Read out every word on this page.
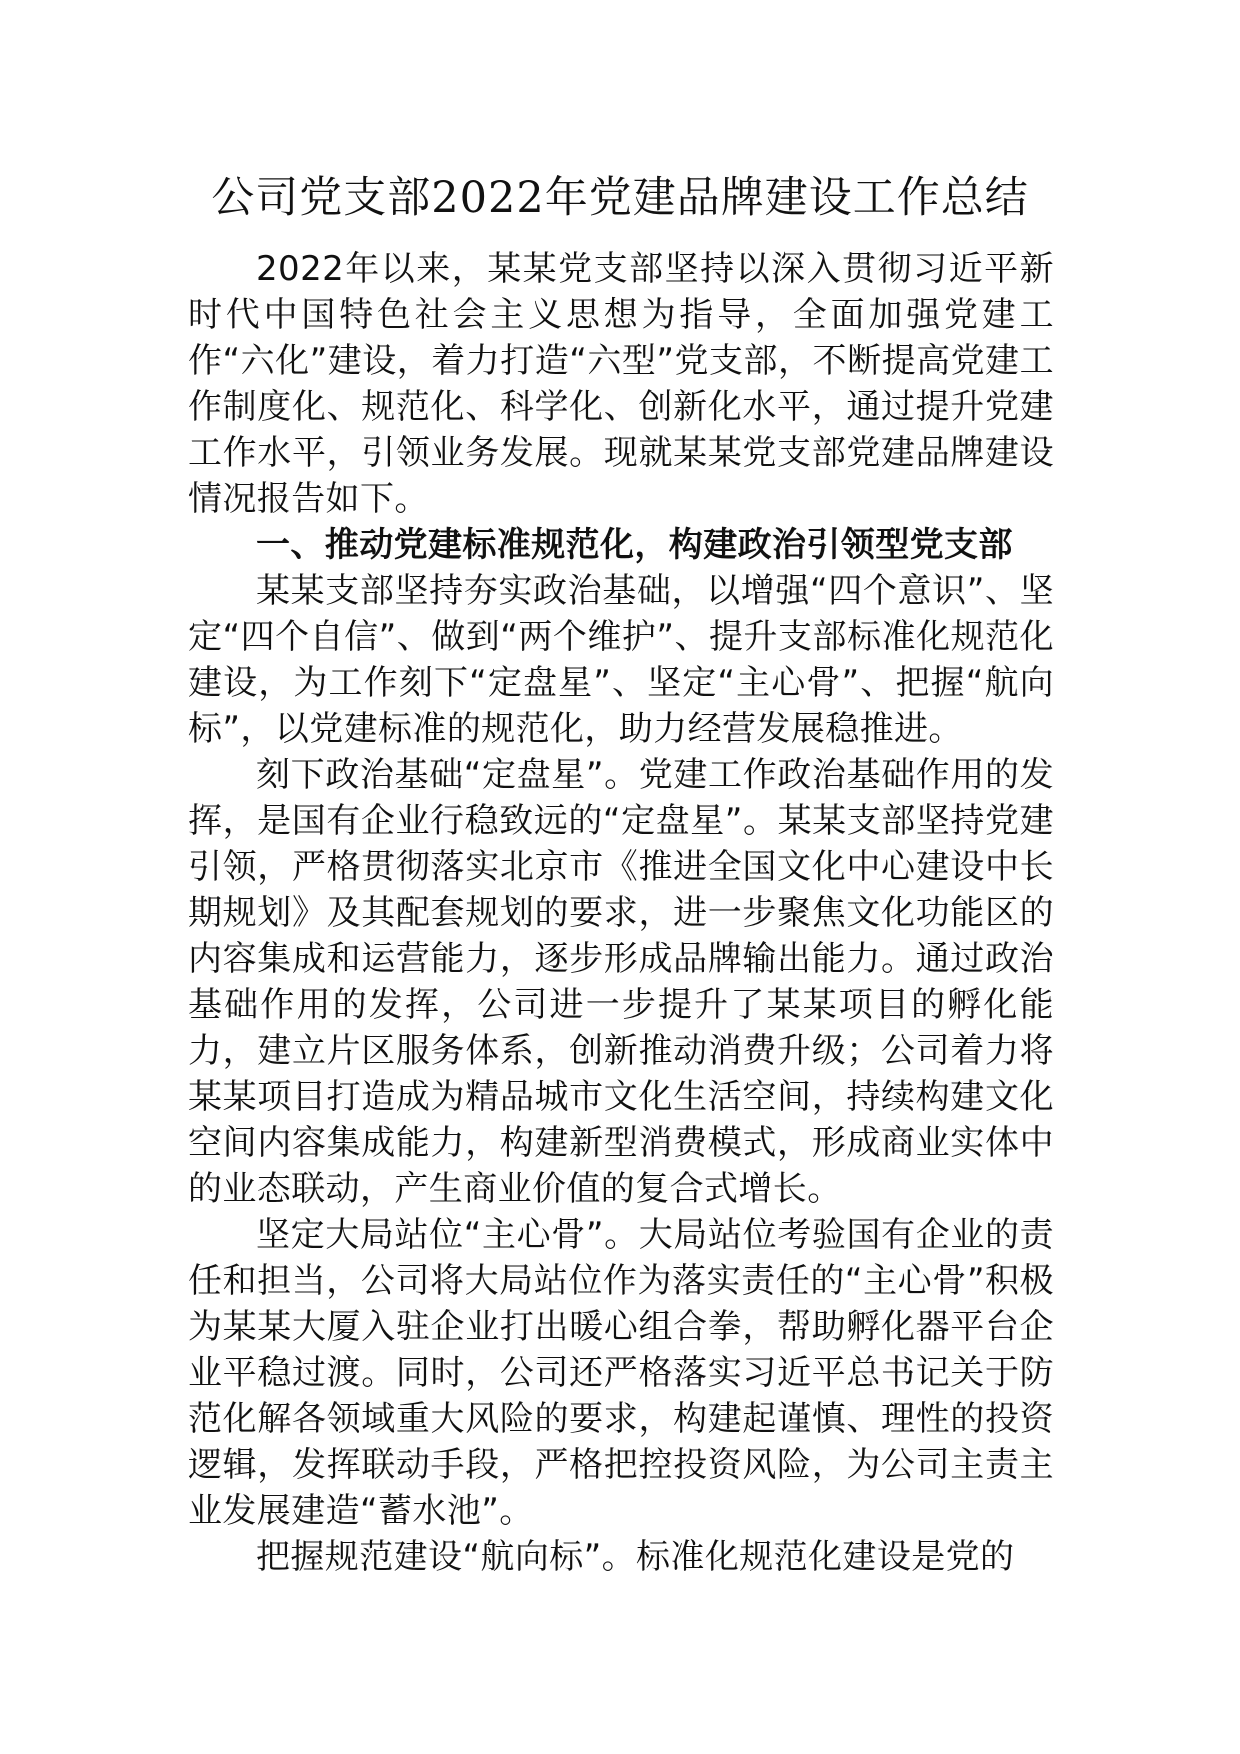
公司党支部2022年党建品牌建设工作总结

2022年以来，某某党支部坚持以深入贯彻习近平新时代中国特色社会主义思想为指导，全面加强党建工作“六化”建设，着力打造“六型”党支部，不断提高党建工作制度化、规范化、科学化、创新化水平，通过提升党建工作水平，引领业务发展。现就某某党支部党建品牌建设情况报告如下。

一、推动党建标准规范化，构建政治引领型党支部

某某支部坚持夯实政治基础，以增强“四个意识”、坚定“四个自信”、做到“两个维护”、提升支部标准化规范化建设，为工作刻下“定盘星”、坚定“主心骨”、把握“航向标”，以党建标准的规范化，助力经营发展稳推进。

刻下政治基础“定盘星”。党建工作政治基础作用的发挥，是国有企业行稳致远的“定盘星”。某某支部坚持党建引领，严格贯彻落实北京市《推进全国文化中心建设中长期规划》及其配套规划的要求，进一步聚焦文化功能区的内容集成和运营能力，逐步形成品牌输出能力。通过政治基础作用的发挥，公司进一步提升了某某项目的孵化能力，建立片区服务体系，创新推动消费升级；公司着力将某某项目打造成为精品城市文化生活空间，持续构建文化空间内容集成能力，构建新型消费模式，形成商业实体中的业态联动，产生商业价值的复合式增长。

坚定大局站位“主心骨”。大局站位考验国有企业的责任和担当，公司将大局站位作为落实责任的“主心骨”积极为某某大厦入驻企业打出暖心组合拳，帮助孵化器平台企业平稳过渡。同时，公司还严格落实习近平总书记关于防范化解各领域重大风险的要求，构建起谨慎、理性的投资逻辑，发挥联动手段，严格把控投资风险，为公司主责主业发展建造“蓄水池”。

把握规范建设“航向标”。标准化规范化建设是党的
